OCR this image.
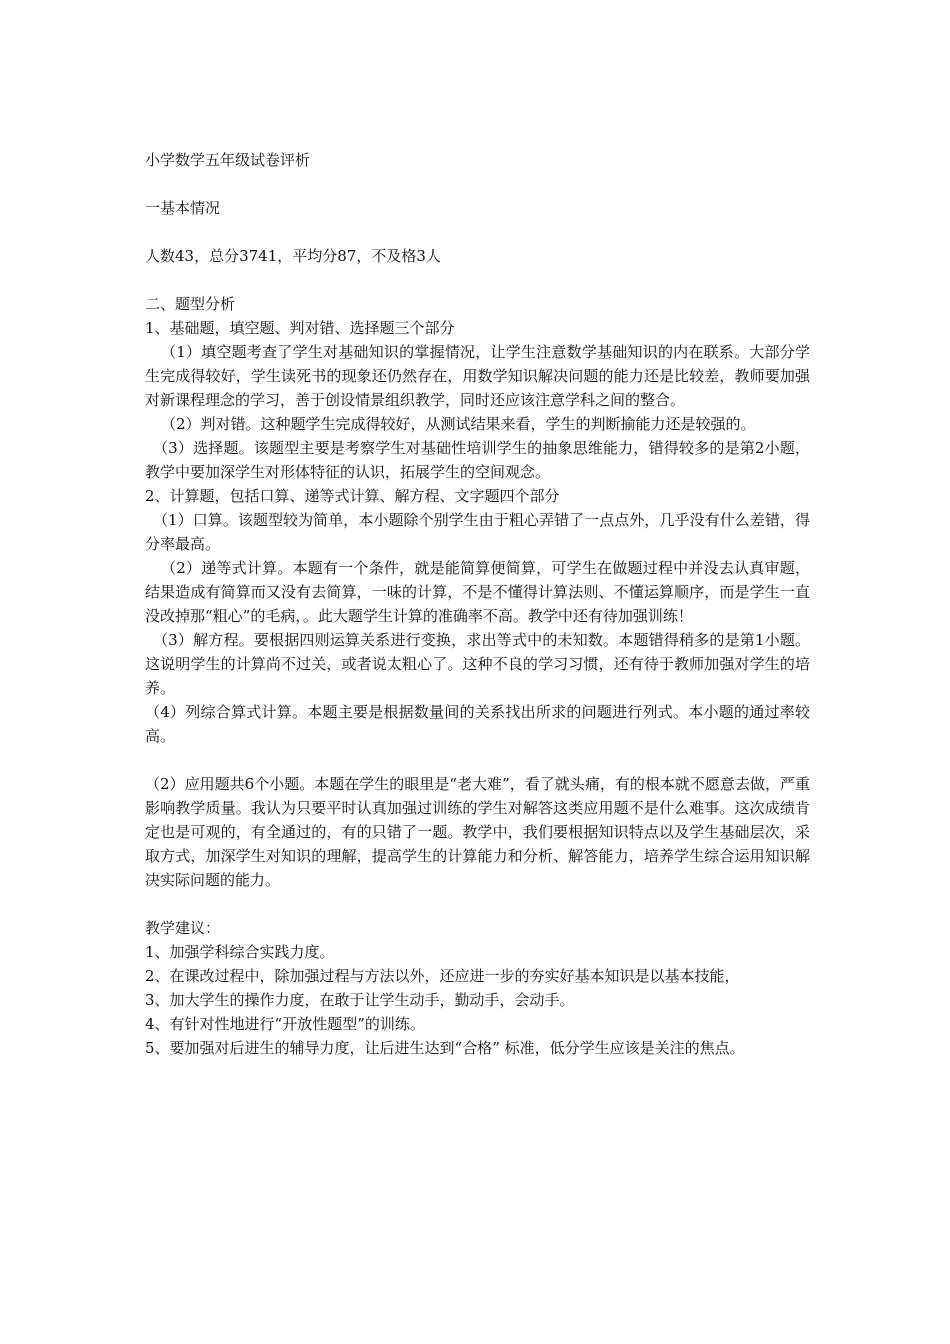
小学数学五年级试卷评析

一基本情况

人数43，总分3741，平均分87，不及格3人

二、题型分析

1、基础题，填空题、判对错、选择题三个部分

（1）填空题考查了学生对基础知识的掌握情况，让学生注意数学基础知识的内在联系。大部分学生完成得较好，学生读死书的现象还仍然存在，用数学知识解决问题的能力还是比较差，教师要加强对新课程理念的学习，善于创设情景组织教学，同时还应该注意学科之间的整合。

（2）判对错。这种题学生完成得较好，从测试结果来看，学生的判断揄能力还是较强的。

（3）选择题。该题型主要是考察学生对基础性培训学生的抽象思维能力，错得较多的是第2小题，教学中要加深学生对形体特征的认识，拓展学生的空间观念。

2、计算题，包括口算、递等式计算、解方程、文字题四个部分

（1）口算。该题型较为简单，本小题除个别学生由于粗心弄错了一点点外，几乎没有什么差错，得分率最高。

（2）递等式计算。本题有一个条件，就是能简算便简算，可学生在做题过程中并没去认真审题，结果造成有简算而又没有去简算，一味的计算，不是不懂得计算法则、不懂运算顺序，而是学生一直没改掉那“粗心”的毛病，。此大题学生计算的准确率不高。教学中还有待加强训练！

（3）解方程。要根据四则运算关系进行变换，求出等式中的未知数。本题错得稍多的是第1小题。这说明学生的计算尚不过关，或者说太粗心了。这种不良的学习习惯，还有待于教师加强对学生的培养。

（4）列综合算式计算。本题主要是根据数量间的关系找出所求的问题进行列式。本小题的通过率较高。

（2）应用题共6个小题。本题在学生的眼里是“老大难”，看了就头痛，有的根本就不愿意去做，严重影响教学质量。我认为只要平时认真加强过训练的学生对解答这类应用题不是什么难事。这次成绩肯定也是可观的，有全通过的，有的只错了一题。教学中，我们要根据知识特点以及学生基础层次，采取方式，加深学生对知识的理解，提高学生的计算能力和分析、解答能力，培养学生综合运用知识解决实际问题的能力。

教学建议：

1、加强学科综合实践力度。

2、在课改过程中，除加强过程与方法以外，还应进一步的夯实好基本知识是以基本技能，

3、加大学生的操作力度，在敢于让学生动手，勤动手，会动手。

4、有针对性地进行“开放性题型”的训练。

5、要加强对后进生的辅导力度，让后进生达到“合格” 标准，低分学生应该是关注的焦点。
